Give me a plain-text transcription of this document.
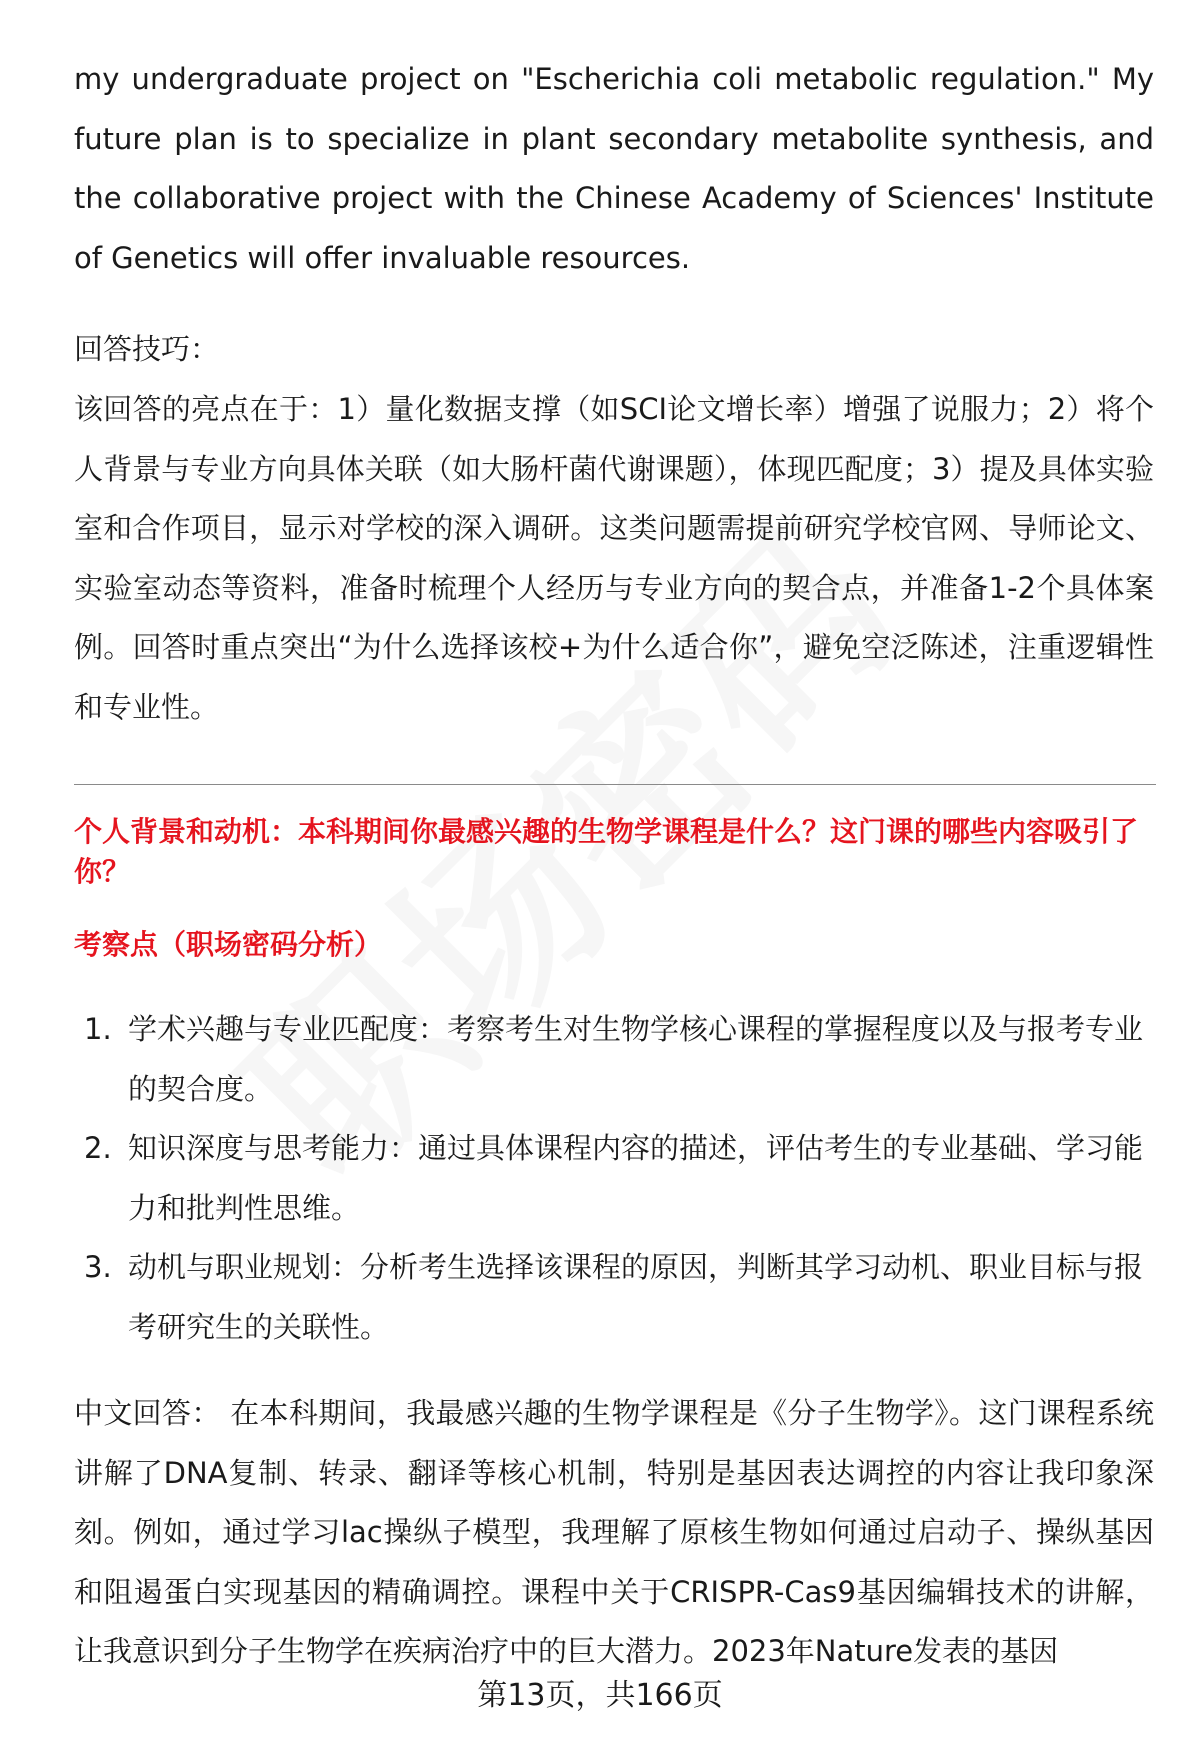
my undergraduate project on "Escherichia coli metabolic regulation." My future plan is to specialize in plant secondary metabolite synthesis, and the collaborative project with the Chinese Academy of Sciences' Institute of Genetics will offer invaluable resources.

回答技巧：

该回答的亮点在于：1）量化数据支撑（如SCI论文增长率）增强了说服力；2）将个人背景与专业方向具体关联（如大肠杆菌代谢课题），体现匹配度；3）提及具体实验室和合作项目，显示对学校的深入调研。这类问题需提前研究学校官网、导师论文、实验室动态等资料，准备时梳理个人经历与专业方向的契合点，并准备1-2个具体案例。回答时重点突出“为什么选择该校+为什么适合你”，避免空泛陈述，注重逻辑性和专业性。

个人背景和动机：本科期间你最感兴趣的生物学课程是什么？这门课的哪些内容吸引了你？
考察点（职场密码分析）
1. 学术兴趣与专业匹配度：考察考生对生物学核心课程的掌握程度以及与报考专业的契合度。
2. 知识深度与思考能力：通过具体课程内容的描述，评估考生的专业基础、学习能力和批判性思维。
3. 动机与职业规划：分析考生选择该课程的原因，判断其学习动机、职业目标与报考研究生的关联性。

中文回答： 在本科期间，我最感兴趣的生物学课程是《分子生物学》。这门课程系统讲解了DNA复制、转录、翻译等核心机制，特别是基因表达调控的内容让我印象深刻。例如，通过学习lac操纵子模型，我理解了原核生物如何通过启动子、操纵基因和阻遏蛋白实现基因的精确调控。课程中关于CRISPR-Cas9基因编辑技术的讲解，让我意识到分子生物学在疾病治疗中的巨大潜力。2023年Nature发表的基因

第13页，共166页
